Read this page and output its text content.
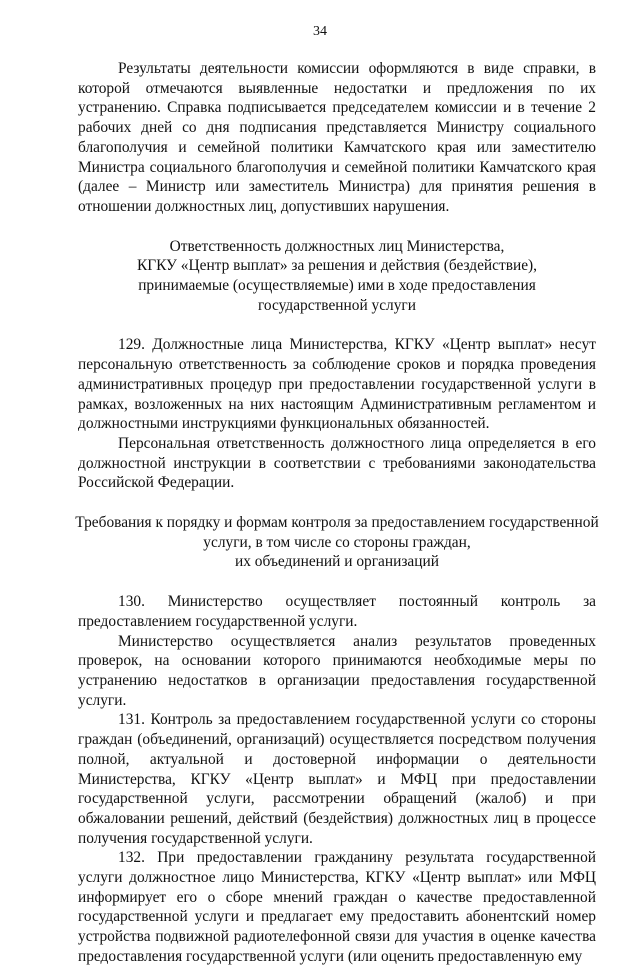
34

Результаты деятельности комиссии оформляются в виде справки, в которой отмечаются выявленные недостатки и предложения по их устранению. Справка подписывается председателем комиссии и в течение 2 рабочих дней со дня подписания представляется Министру социального благополучия и семейной политики Камчатского края или заместителю Министра социального благополучия и семейной политики Камчатского края (далее – Министр или заместитель Министра) для принятия решения в отношении должностных лиц, допустивших нарушения.

Ответственность должностных лиц Министерства,
КГКУ «Центр выплат» за решения и действия (бездействие),
принимаемые (осуществляемые) ими в ходе предоставления
государственной услуги

129. Должностные лица Министерства, КГКУ «Центр выплат» несут персональную ответственность за соблюдение сроков и порядка проведения административных процедур при предоставлении государственной услуги в рамках, возложенных на них настоящим Административным регламентом и должностными инструкциями функциональных обязанностей.

Персональная ответственность должностного лица определяется в его должностной инструкции в соответствии с требованиями законодательства Российской Федерации.

Требования к порядку и формам контроля за предоставлением государственной
услуги, в том числе со стороны граждан,
их объединений и организаций

130. Министерство осуществляет постоянный контроль за предоставлением государственной услуги.

Министерство осуществляется анализ результатов проведенных проверок, на основании которого принимаются необходимые меры по устранению недостатков в организации предоставления государственной услуги.

131. Контроль за предоставлением государственной услуги со стороны граждан (объединений, организаций) осуществляется посредством получения полной, актуальной и достоверной информации о деятельности Министерства, КГКУ «Центр выплат» и МФЦ при предоставлении государственной услуги, рассмотрении обращений (жалоб) и при обжаловании решений, действий (бездействия) должностных лиц в процессе получения государственной услуги.

132. При предоставлении гражданину результата государственной услуги должностное лицо Министерства, КГКУ «Центр выплат» или МФЦ информирует его о сборе мнений граждан о качестве предоставленной государственной услуги и предлагает ему предоставить абонентский номер устройства подвижной радиотелефонной связи для участия в оценке качества предоставления государственной услуги (или оценить предоставленную ему
